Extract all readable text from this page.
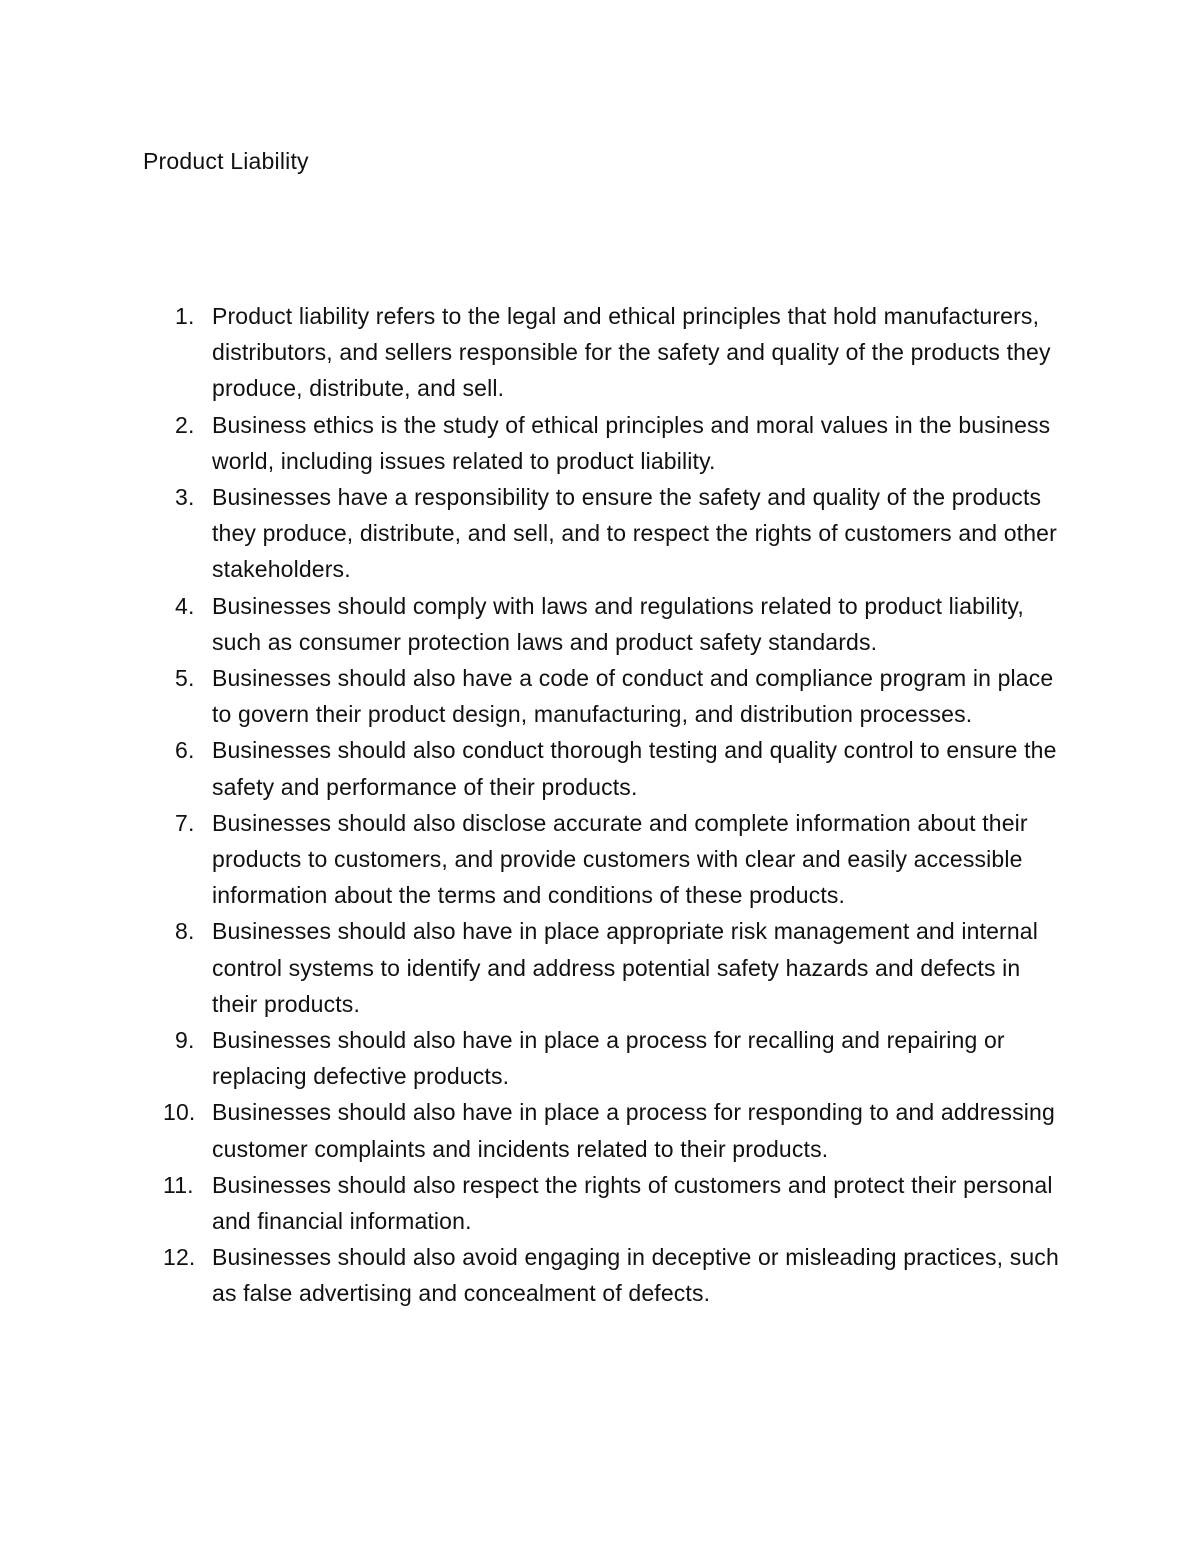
Product Liability
1. Product liability refers to the legal and ethical principles that hold manufacturers, distributors, and sellers responsible for the safety and quality of the products they produce, distribute, and sell.
2. Business ethics is the study of ethical principles and moral values in the business world, including issues related to product liability.
3. Businesses have a responsibility to ensure the safety and quality of the products they produce, distribute, and sell, and to respect the rights of customers and other stakeholders.
4. Businesses should comply with laws and regulations related to product liability, such as consumer protection laws and product safety standards.
5. Businesses should also have a code of conduct and compliance program in place to govern their product design, manufacturing, and distribution processes.
6. Businesses should also conduct thorough testing and quality control to ensure the safety and performance of their products.
7. Businesses should also disclose accurate and complete information about their products to customers, and provide customers with clear and easily accessible information about the terms and conditions of these products.
8. Businesses should also have in place appropriate risk management and internal control systems to identify and address potential safety hazards and defects in their products.
9. Businesses should also have in place a process for recalling and repairing or replacing defective products.
10. Businesses should also have in place a process for responding to and addressing customer complaints and incidents related to their products.
11. Businesses should also respect the rights of customers and protect their personal and financial information.
12. Businesses should also avoid engaging in deceptive or misleading practices, such as false advertising and concealment of defects.
